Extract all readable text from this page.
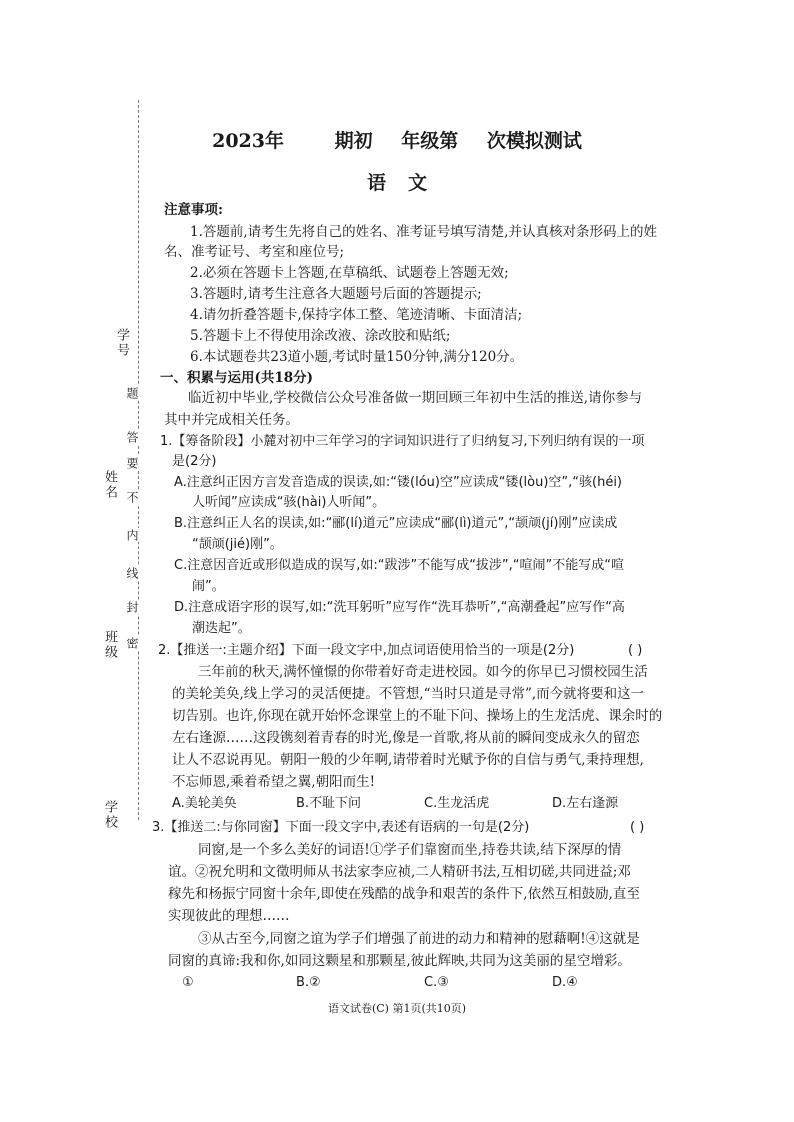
学号
姓名
班级
学校
题
答
要
不
内
线
封
密
2023年	期初 年级第 次模拟测试
语文
注意事项:
1.答题前,请考生先将自己的姓名、准考证号填写清楚,并认真核对条形码上的姓
名、准考证号、考室和座位号;
2.必须在答题卡上答题,在草稿纸、试题卷上答题无效;
3.答题时,请考生注意各大题题号后面的答题提示;
4.请勿折叠答题卡,保持字体工整、笔迹清晰、卡面清洁;
5.答题卡上不得使用涂改液、涂改胶和贴纸;
6.本试题卷共23道小题,考试时量150分钟,满分120分。
一、积累与运用(共18分)
临近初中毕业,学校微信公众号准备做一期回顾三年初中生活的推送,请你参与
其中并完成相关任务。
1.【筹备阶段】小麓对初中三年学习的字词知识进行了归纳复习,下列归纳有误的一项
是(2分)
A.注意纠正因方言发音造成的误读,如:“镂(lóu)空”应读成“镂(lòu)空”,“骇(héi)
人听闻”应读成“骇(hài)人听闻”。
B.注意纠正人名的误读,如:“郦(lí)道元”应读成“郦(lì)道元”,“颉颃(jí)刚”应读成
“颉颃(jié)刚”。
C.注意因音近或形似造成的误写,如:“跋涉”不能写成“拔涉”,“喧闹”不能写成“喧
闹”。
D.注意成语字形的误写,如:“洗耳躬听”应写作“洗耳恭听”,“高潮叠起”应写作“高
潮迭起”。
2.【推送一:主题介绍】下面一段文字中,加点词语使用恰当的一项是(2分)	( )
三年前的秋天,满怀憧憬的你带着好奇走进校园。如今的你早已习惯校园生活
的美轮美奂,线上学习的灵活便捷。不管想,“当时只道是寻常”,而今就将要和这一
切告别。也许,你现在就开始怀念课堂上的不耻下问、操场上的生龙活虎、课余时的
左右逢源……这段镌刻着青春的时光,像是一首歌,将从前的瞬间变成永久的留恋
让人不忍说再见。朝阳一般的少年啊,请带着时光赋予你的自信与勇气,秉持理想,
不忘师恩,乘着希望之翼,朝阳而生!
A.美轮美奂	B.不耻下问	C.生龙活虎	D.左右逢源
3.【推送二:与你同窗】下面一段文字中,表述有语病的一句是(2分)	( )
同窗,是一个多么美好的词语!①学子们靠窗而坐,持卷共读,结下深厚的情
谊。②祝允明和文徵明师从书法家李应祯,二人精研书法,互相切磋,共同进益;邓
稼先和杨振宁同窗十余年,即使在残酷的战争和艰苦的条件下,依然互相鼓励,直至
实现彼此的理想……
③从古至今,同窗之谊为学子们增强了前进的动力和精神的慰藉啊!④这就是
同窗的真谛:我和你,如同这颗星和那颗星,彼此辉映,共同为这美丽的星空增彩。
①	B.②	C.③	D.④
语文试卷(C) 第1页(共10页)
